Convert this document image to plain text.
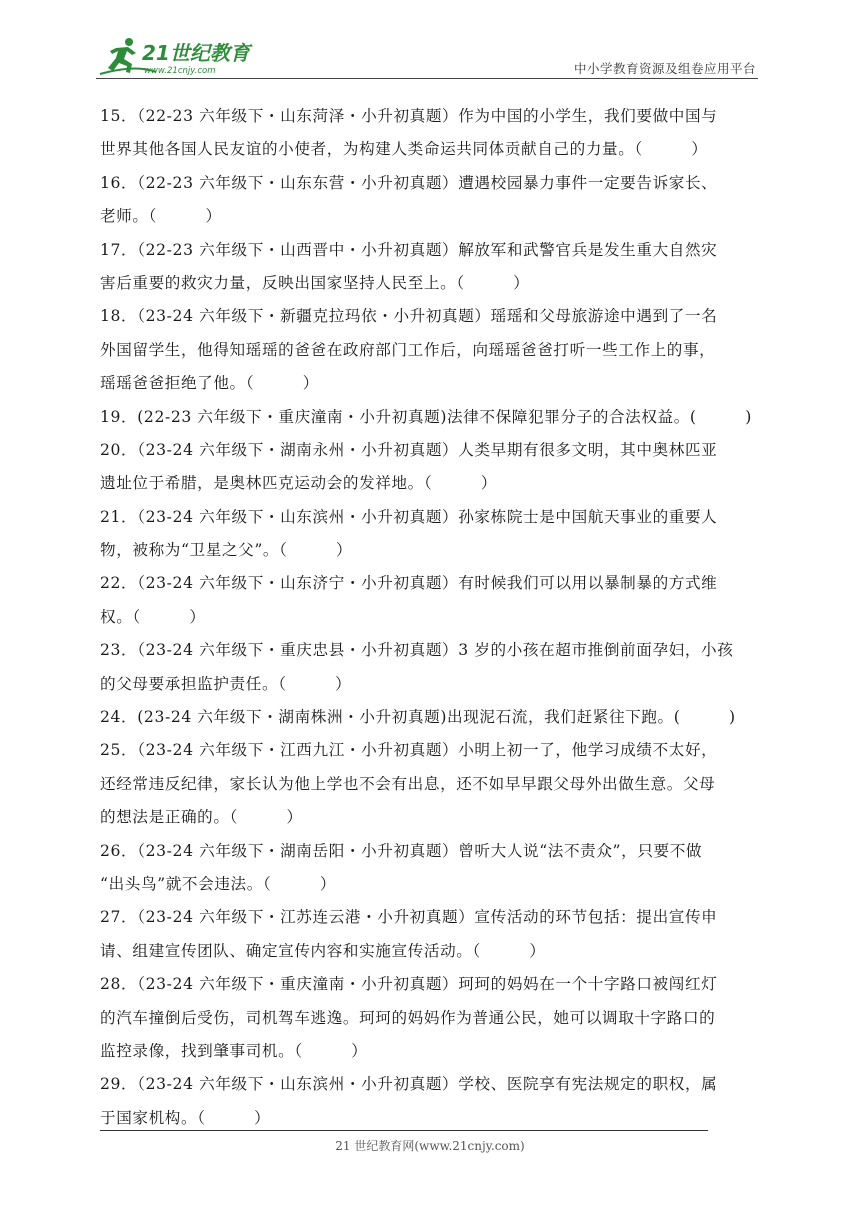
21世纪教育
www.21cnjy.com	中小学教育资源及组卷应用平台
15．（22-23 六年级下・山东菏泽・小升初真题）作为中国的小学生，我们要做中国与
世界其他各国人民友谊的小使者，为构建人类命运共同体贡献自己的力量。（　　　）
16．（22-23 六年级下・山东东营・小升初真题）遭遇校园暴力事件一定要告诉家长、
老师。（　　　）
17．（22-23 六年级下・山西晋中・小升初真题）解放军和武警官兵是发生重大自然灾
害后重要的救灾力量，反映出国家坚持人民至上。（　　　）
18．（23-24 六年级下・新疆克拉玛依・小升初真题）瑶瑶和父母旅游途中遇到了一名
外国留学生，他得知瑶瑶的爸爸在政府部门工作后，向瑶瑶爸爸打听一些工作上的事，
瑶瑶爸爸拒绝了他。（　　　）
19．(22-23 六年级下・重庆潼南・小升初真题)法律不保障犯罪分子的合法权益。(　　　)
20．（23-24 六年级下・湖南永州・小升初真题）人类早期有很多文明，其中奥林匹亚
遗址位于希腊，是奥林匹克运动会的发祥地。（　　　）
21．（23-24 六年级下・山东滨州・小升初真题）孙家栋院士是中国航天事业的重要人
物，被称为“卫星之父”。（　　　）
22．（23-24 六年级下・山东济宁・小升初真题）有时候我们可以用以暴制暴的方式维
权。（　　　）
23．（23-24 六年级下・重庆忠县・小升初真题）3 岁的小孩在超市推倒前面孕妇，小孩
的父母要承担监护责任。（　　　）
24．(23-24 六年级下・湖南株洲・小升初真题)出现泥石流，我们赶紧往下跑。(　　　)
25．（23-24 六年级下・江西九江・小升初真题）小明上初一了，他学习成绩不太好，
还经常违反纪律，家长认为他上学也不会有出息，还不如早早跟父母外出做生意。父母
的想法是正确的。（　　　）
26．（23-24 六年级下・湖南岳阳・小升初真题）曾听大人说“法不责众”，只要不做
“出头鸟”就不会违法。（　　　）
27．（23-24 六年级下・江苏连云港・小升初真题）宣传活动的环节包括：提出宣传申
请、组建宣传团队、确定宣传内容和实施宣传活动。（　　　）
28．（23-24 六年级下・重庆潼南・小升初真题）珂珂的妈妈在一个十字路口被闯红灯
的汽车撞倒后受伤，司机驾车逃逸。珂珂的妈妈作为普通公民，她可以调取十字路口的
监控录像，找到肇事司机。（　　　）
29．（23-24 六年级下・山东滨州・小升初真题）学校、医院享有宪法规定的职权，属
于国家机构。（　　　）
21 世纪教育网(www.21cnjy.com)
